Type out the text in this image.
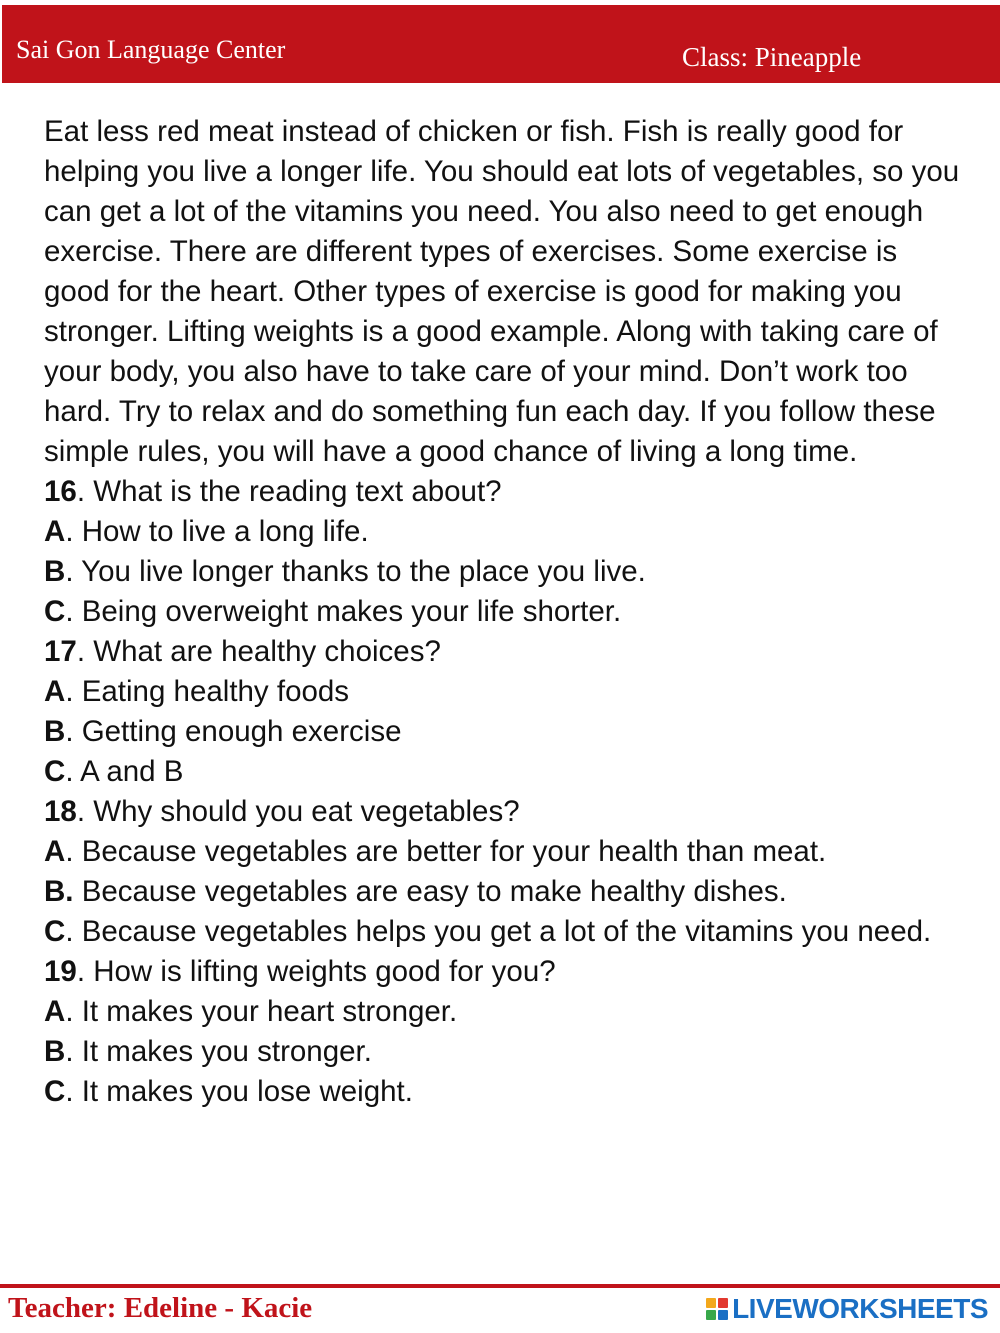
Sai Gon Language Center	Class: Pineapple

Eat less red meat instead of chicken or fish. Fish is really good for helping you live a longer life. You should eat lots of vegetables, so you can get a lot of the vitamins you need. You also need to get enough exercise. There are different types of exercises. Some exercise is good for the heart. Other types of exercise is good for making you stronger. Lifting weights is a good example. Along with taking care of your body, you also have to take care of your mind. Don’t work too hard. Try to relax and do something fun each day. If you follow these simple rules, you will have a good chance of living a long time.

16. What is the reading text about?

A. How to live a long life.

B. You live longer thanks to the place you live.

C. Being overweight makes your life shorter.

17. What are healthy choices?

A. Eating healthy foods

B. Getting enough exercise

C. A and B

18. Why should you eat vegetables?

A. Because vegetables are better for your health than meat.

B. Because vegetables are easy to make healthy dishes.

C. Because vegetables helps you get a lot of the vitamins you need.

19. How is lifting weights good for you?

A. It makes your heart stronger.

B. It makes you stronger.

C. It makes you lose weight.

Teacher: Edeline - Kacie	LIVEWORKSHEETS
